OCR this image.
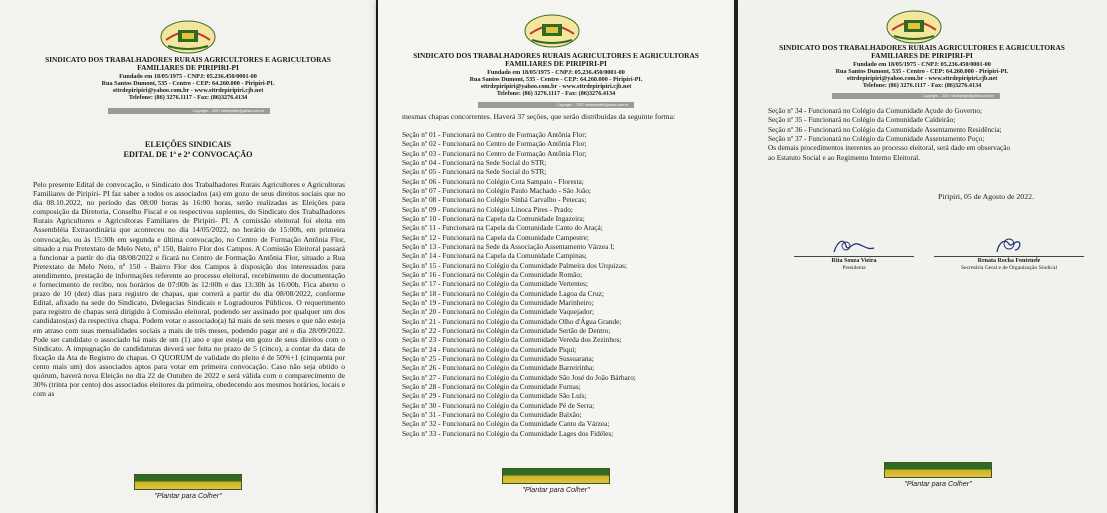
SINDICATO DOS TRABALHADORES RURAIS AGRICULTORES E AGRICULTORAS
FAMILIARES DE PIRIPIRI-PI
Fundado em 18/05/1975 - CNPJ: 05.236.450/0001-00
Rua Santos Dumont, 535 - Centro - CEP: 64.260.000 - Piripiri-PI.
sttrdepiripiri@yahoo.com.br - www.sttrdepiripiri.cjb.net
Telefone: (86) 3276.1117 - Fax: (86)3276.4134
Copyright ... 2007 sttrdepiripiri@yahoo.com.br
ELEIÇÕES SINDICAIS
EDITAL DE 1ª e 2ª CONVOCAÇÃO
Pelo presente Edital de convocação, o Sindicato dos Trabalhadores Rurais Agricultores e Agricultoras Familiares de Piripiri- PI faz saber a todos os associados (as) em gozo de seus direitos sociais que no dia 08.10.2022, no período das 08:00 horas às 16:00 horas, serão realizadas as Eleições para composição da Diretoria, Conselho Fiscal e os respectivos suplentes, do Sindicato dos Trabalhadores Rurais Agricultores e Agricultoras Familiares de Piripiri- PI. A comissão eleitoral foi eleita em Assembléia Extraordinária que aconteceu no dia 14/05/2022, no horário de 15:00h, em primeira convocação, ou às 15:30h em segunda e última convocação, no Centro de Formação Antônia Flor, situado a rua Pretextato de Melo Neto, nº 150, Bairro Flor dos Campos. A Comissão Eleitoral passará a funcionar a partir do dia 08/08/2022 e ficará no Centro de Formação Antônia Flor, situado a Rua Pretextato de Melo Neto, nº 150 - Bairro Flor dos Campos à disposição dos interessados para atendimento, prestação de informações referente ao processo eleitoral, recebimento de documentação e fornecimento de recibo, nos horários de 07:00h às 12:00h e das 13:30h às 16:00h. Fica aberto o prazo de 10 (dez) dias para registro de chapas, que correrá a partir do dia 08/08/2022, conforme Edital, afixado na sede do Sindicato, Delegacias Sindicais e Logradouros Públicos. O requerimento para registro de chapas será dirigido à Comissão eleitoral, podendo ser assinado por qualquer um dos candidatos(as) da respectiva chapa. Podem votar o associado(a) há mais de seis meses e que não esteja em atraso com suas mensalidades sociais a mais de três meses, podendo pagar até o dia 28/09/2022. Pode ser candidato o associado há mais de um (1) ano e que esteja em gozo de seus direitos com o Sindicato. A impugnação de candidaturas deverá ser feita no prazo de 5 (cinco), a contar da data de fixação da Ata de Registro de chapas. O QUORUM de validade do pleito é de 50%+1 (cinquenta por cento mais um) dos associados aptos para votar em primeira convocação. Caso não seja obtido o quórum, haverá nova Eleição no dia 22 de Outubro de 2022 e será válida com o comparecimento de 30% (trinta por cento) dos associados eleitores da primeira, obedecendo aos mesmos horários, locais e com as
"Plantar para Colher"
SINDICATO DOS TRABALHADORES RURAIS AGRICULTORES E AGRICULTORAS
FAMILIARES DE PIRIPIRI-PI
Fundado em 18/05/1975 - CNPJ: 05.236.450/0001-00
Rua Santos Dumont, 535 - Centro - CEP: 64.260.000 - Piripiri-PI.
sttrdepiripiri@yahoo.com.br - www.sttrdepiripiri.cjb.net
Telefone: (86) 3276.1117 - Fax: (86)3276.4134
Copyright ... 2007 sttrdepiripiri@yahoo.com.br
mesmas chapas concorrentes. Haverá 37 seções, que serão distribuídas da seguinte forma:
Seção nº 01 - Funcionará no Centro de Formação Antônia Flor;
Seção nº 02 - Funcionará no Centro de Formação Antônia Flor;
Seção nº 03 - Funcionará no Centro de Formação Antônia Flor;
Seção nº 04 - Funcionará na Sede Social do STR;
Seção nº 05 - Funcionará na Sede Social do STR;
Seção nº 06 - Funcionará no Colégio Cota Sampaio - Floresta;
Seção nº 07 - Funcionará no Colégio Paulo Machado - São João;
Seção nº 08 - Funcionará no Colégio Sinhá Carvalho - Petecas;
Seção nº 09 - Funcionará no Colégio Linoca Pires - Prado;
Seção nº 10 - Funcionará na Capela da Comunidade Ingazeira;
Seção nº 11 - Funcionará na Capela da Comunidade Canto do Araçá;
Seção nº 12 - Funcionará na Capela da Comunidade Campestre;
Seção nº 13 - Funcionará na Sede da Associação Assentamento Várzea I;
Seção nº 14 - Funcionará na Capela da Comunidade Campinas;
Seção nº 15 - Funcionará no Colégio da Comunidade Palmeira dos Urquizas;
Seção nº 16 - Funcionará no Colégio da Comunidade Romão;
Seção nº 17 - Funcionará no Colégio da Comunidade Vertentes;
Seção nº 18 - Funcionará no Colégio da Comunidade Lagoa da Cruz;
Seção nº 19 - Funcionará no Colégio da Comunidade Marinheiro;
Seção nº 20 - Funcionará no Colégio da Comunidade Vaquejador;
Seção nº 21 - Funcionará no Colégio da Comunidade Olho d'Água Grande;
Seção nº 22 - Funcionará no Colégio da Comunidade Sertão de Dentro;
Seção nº 23 - Funcionará no Colégio da Comunidade Vereda dos Zezinhos;
Seção nº 24 - Funcionará no Colégio da Comunidade Piqui;
Seção nº 25 - Funcionará no Colégio da Comunidade Sussuarana;
Seção nº 26 - Funcionará no Colégio da Comunidade Barreirinha;
Seção nº 27 - Funcionará no Colégio da Comunidade São José do João Bárbaro;
Seção nº 28 - Funcionará no Colégio da Comunidade Furnas;
Seção nº 29 - Funcionará no Colégio da Comunidade São Luís;
Seção nº 30 - Funcionará no Colégio da Comunidade Pé de Serra;
Seção nº 31 - Funcionará no Colégio da Comunidade Baixão;
Seção nº 32 - Funcionará no Colégio da Comunidade Canto da Várzea;
Seção nº 33 - Funcionará no Colégio da Comunidade Lages dos Fidéles;
"Plantar para Colher"
SINDICATO DOS TRABALHADORES RURAIS AGRICULTORES E AGRICULTORAS
FAMILIARES DE PIRIPIRI-PI
Fundado em 18/05/1975 - CNPJ: 05.236.450/0001-00
Rua Santos Dumont, 535 - Centro - CEP: 64.260.000 - Piripiri-PI.
sttrdepiripiri@yahoo.com.br - www.sttrdepiripiri.cjb.net
Telefone: (86) 3276.1117 - Fax: (86)3276.4134
Copyright ... 2007 sttrdepiripiri@yahoo.com.br
Seção nº 34 - Funcionará no Colégio da Comunidade Açude do Governo;
Seção nº 35 - Funcionará no Colégio da Comunidade Caldeirão;
Seção nº 36 - Funcionará no Colégio da Comunidade Assentamento Residência;
Seção nº 37 - Funcionará no Colégio da Comunidade Assentamento Poço;
Os demais procedimentos inerentes ao processo eleitoral, será dado em observação
ao Estatuto Social e ao Regimento Interno Eleitoral.
Piripiri, 05 de Agosto de 2022.
Rita Souza Vieira
Presidenta
Renata Rocha Fontenele
Secretária Geral e de Organização Sindical
"Plantar para Colher"
